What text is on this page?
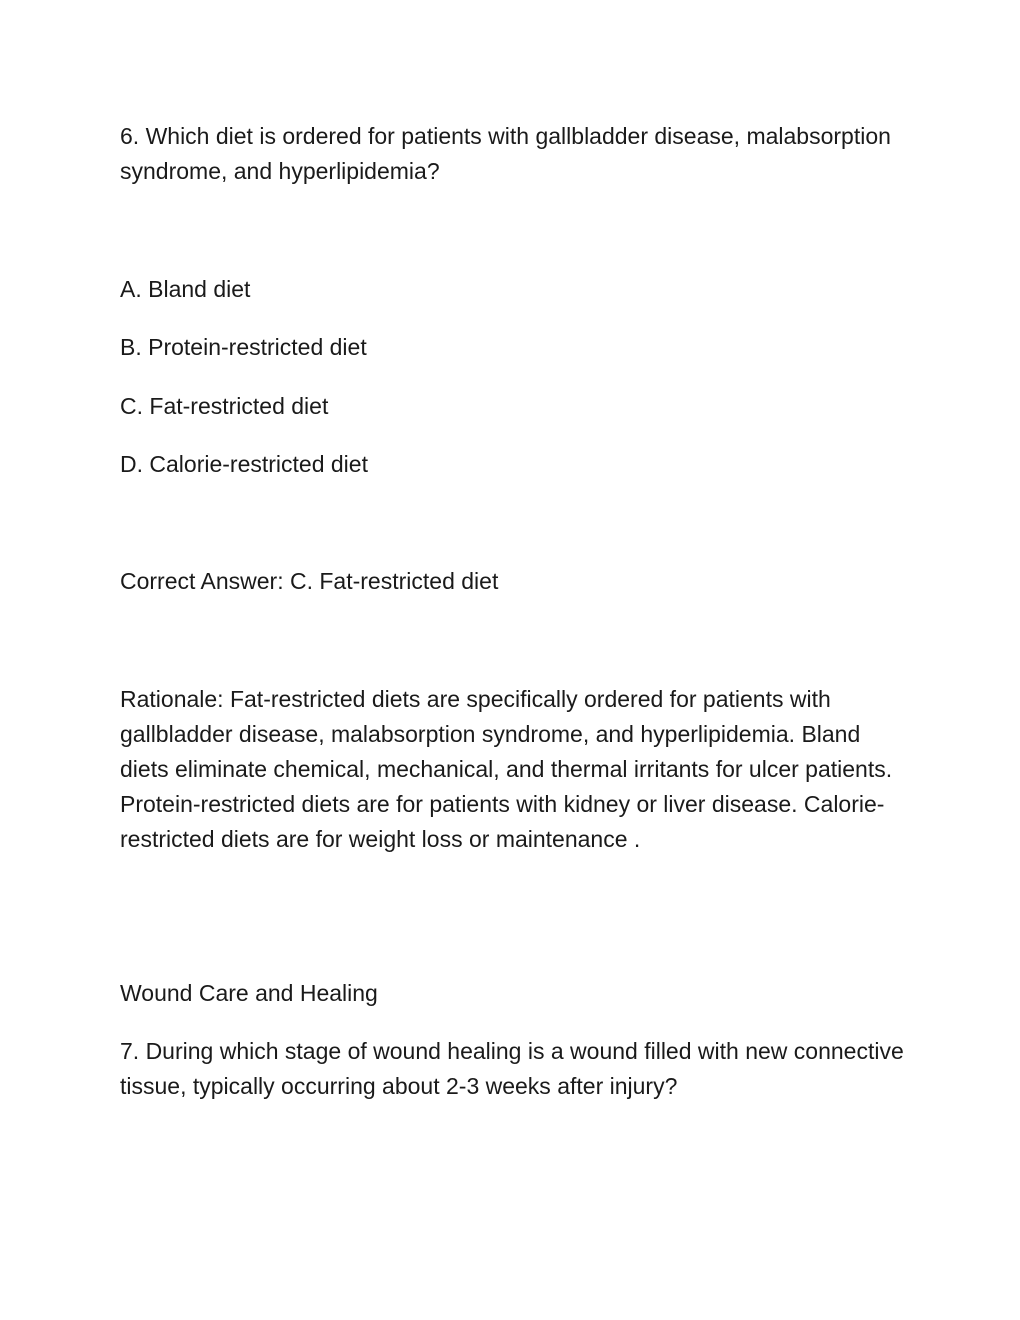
6. Which diet is ordered for patients with gallbladder disease, malabsorption syndrome, and hyperlipidemia?
A. Bland diet
B. Protein-restricted diet
C. Fat-restricted diet
D. Calorie-restricted diet
Correct Answer: C. Fat-restricted diet
Rationale: Fat-restricted diets are specifically ordered for patients with gallbladder disease, malabsorption syndrome, and hyperlipidemia. Bland diets eliminate chemical, mechanical, and thermal irritants for ulcer patients. Protein-restricted diets are for patients with kidney or liver disease. Calorie-restricted diets are for weight loss or maintenance .
Wound Care and Healing
7. During which stage of wound healing is a wound filled with new connective tissue, typically occurring about 2-3 weeks after injury?
